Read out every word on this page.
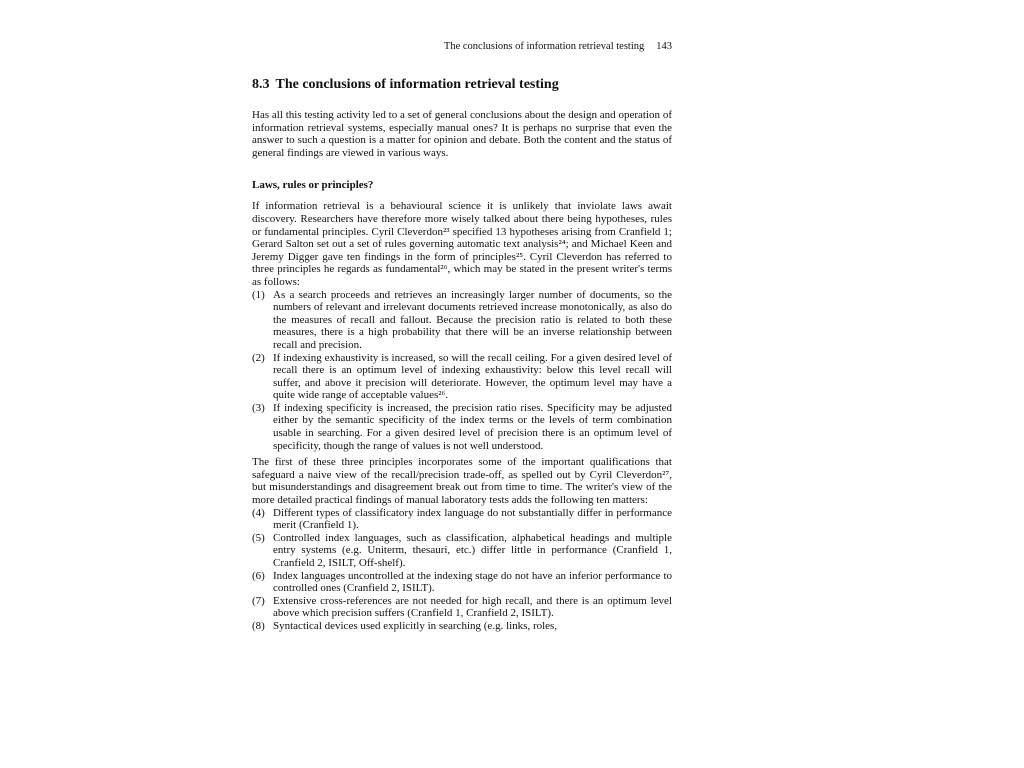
The conclusions of information retrieval testing 143
8.3 The conclusions of information retrieval testing

Has all this testing activity led to a set of general conclusions about the design and operation of information retrieval systems, especially manual ones? It is perhaps no surprise that even the answer to such a question is a matter for opinion and debate. Both the content and the status of general findings are viewed in various ways.

Laws, rules or principles?

If information retrieval is a behavioural science it is unlikely that inviolate laws await discovery. Researchers have therefore more wisely talked about there being hypotheses, rules or fundamental principles. Cyril Cleverdon²³ specified 13 hypotheses arising from Cranfield 1; Gerard Salton set out a set of rules governing automatic text analysis²⁴; and Michael Keen and Jeremy Digger gave ten findings in the form of principles²⁵. Cyril Cleverdon has referred to three principles he regards as fundamental²⁶, which may be stated in the present writer's terms as follows:

(1) As a search proceeds and retrieves an increasingly larger number of documents, so the numbers of relevant and irrelevant documents retrieved increase monotonically, as also do the measures of recall and fallout. Because the precision ratio is related to both these measures, there is a high probability that there will be an inverse relationship between recall and precision.
(2) If indexing exhaustivity is increased, so will the recall ceiling. For a given desired level of recall there is an optimum level of indexing exhaustivity: below this level recall will suffer, and above it precision will deteriorate. However, the optimum level may have a quite wide range of acceptable values²⁶.
(3) If indexing specificity is increased, the precision ratio rises. Specificity may be adjusted either by the semantic specificity of the index terms or the levels of term combination usable in searching. For a given desired level of precision there is an optimum level of specificity, though the range of values is not well understood.

The first of these three principles incorporates some of the important qualifications that safeguard a naive view of the recall/precision trade-off, as spelled out by Cyril Cleverdon²⁷, but misunderstandings and disagreement break out from time to time. The writer's view of the more detailed practical findings of manual laboratory tests adds the following ten matters:

(4) Different types of classificatory index language do not substantially differ in performance merit (Cranfield 1).
(5) Controlled index languages, such as classification, alphabetical headings and multiple entry systems (e.g. Uniterm, thesauri, etc.) differ little in performance (Cranfield 1, Cranfield 2, ISILT, Off-shelf).
(6) Index languages uncontrolled at the indexing stage do not have an inferior performance to controlled ones (Cranfield 2, ISILT).
(7) Extensive cross-references are not needed for high recall, and there is an optimum level above which precision suffers (Cranfield 1, Cranfield 2, ISILT).
(8) Syntactical devices used explicitly in searching (e.g. links, roles,
